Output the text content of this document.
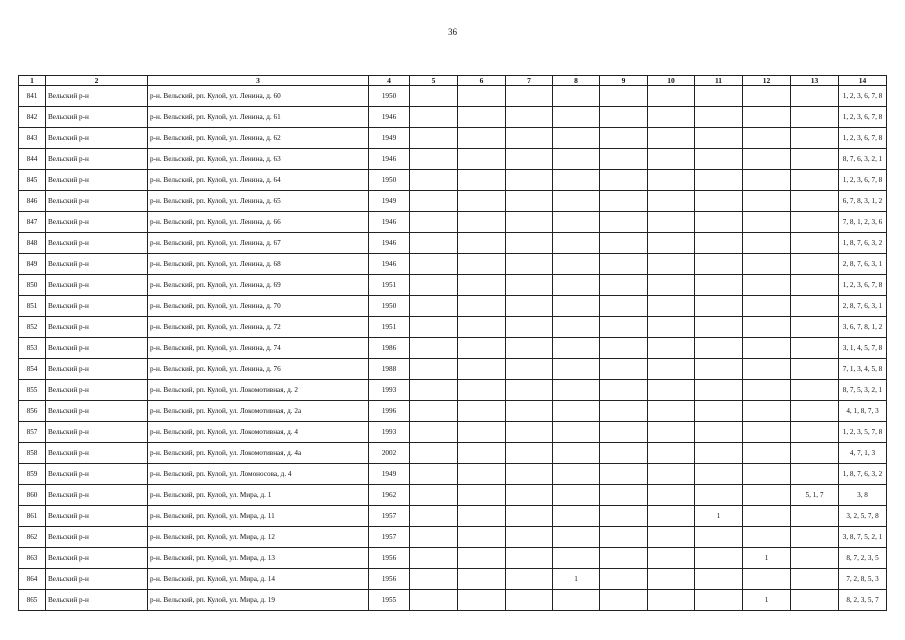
36
1	2	3	4	5	6	7	8	9	10	11	12	13	14
841	Вельский р-н	р-н. Вельский, рп. Кулой, ул. Ленина, д. 60	1950										1, 2, 3, 6, 7, 8
842	Вельский р-н	р-н. Вельский, рп. Кулой, ул. Ленина, д. 61	1946										1, 2, 3, 6, 7, 8
843	Вельский р-н	р-н. Вельский, рп. Кулой, ул. Ленина, д. 62	1949										1, 2, 3, 6, 7, 8
844	Вельский р-н	р-н. Вельский, рп. Кулой, ул. Ленина, д. 63	1946										8, 7, 6, 3, 2, 1
845	Вельский р-н	р-н. Вельский, рп. Кулой, ул. Ленина, д. 64	1950										1, 2, 3, 6, 7, 8
846	Вельский р-н	р-н. Вельский, рп. Кулой, ул. Ленина, д. 65	1949										6, 7, 8, 3, 1, 2
847	Вельский р-н	р-н. Вельский, рп. Кулой, ул. Ленина, д. 66	1946										7, 8, 1, 2, 3, 6
848	Вельский р-н	р-н. Вельский, рп. Кулой, ул. Ленина, д. 67	1946										1, 8, 7, 6, 3, 2
849	Вельский р-н	р-н. Вельский, рп. Кулой, ул. Ленина, д. 68	1946										2, 8, 7, 6, 3, 1
850	Вельский р-н	р-н. Вельский, рп. Кулой, ул. Ленина, д. 69	1951										1, 2, 3, 6, 7, 8
851	Вельский р-н	р-н. Вельский, рп. Кулой, ул. Ленина, д. 70	1950										2, 8, 7, 6, 3, 1
852	Вельский р-н	р-н. Вельский, рп. Кулой, ул. Ленина, д. 72	1951										3, 6, 7, 8, 1, 2
853	Вельский р-н	р-н. Вельский, рп. Кулой, ул. Ленина, д. 74	1986										3, 1, 4, 5, 7, 8
854	Вельский р-н	р-н. Вельский, рп. Кулой, ул. Ленина, д. 76	1988										7, 1, 3, 4, 5, 8
855	Вельский р-н	р-н. Вельский, рп. Кулой, ул. Локомотивная, д. 2	1993										8, 7, 5, 3, 2, 1
856	Вельский р-н	р-н. Вельский, рп. Кулой, ул. Локомотивная, д. 2а	1996										4, 1, 8, 7, 3
857	Вельский р-н	р-н. Вельский, рп. Кулой, ул. Локомотивная, д. 4	1993										1, 2, 3, 5, 7, 8
858	Вельский р-н	р-н. Вельский, рп. Кулой, ул. Локомотивная, д. 4а	2002										4, 7, 1, 3
859	Вельский р-н	р-н. Вельский, рп. Кулой, ул. Ломоносова, д. 4	1949										1, 8, 7, 6, 3, 2
860	Вельский р-н	р-н. Вельский, рп. Кулой, ул. Мира, д. 1	1962									5, 1, 7	3, 8
861	Вельский р-н	р-н. Вельский, рп. Кулой, ул. Мира, д. 11	1957							1			3, 2, 5, 7, 8
862	Вельский р-н	р-н. Вельский, рп. Кулой, ул. Мира, д. 12	1957										3, 8, 7, 5, 2, 1
863	Вельский р-н	р-н. Вельский, рп. Кулой, ул. Мира, д. 13	1956								1		8, 7, 2, 3, 5
864	Вельский р-н	р-н. Вельский, рп. Кулой, ул. Мира, д. 14	1956				1						7, 2, 8, 5, 3
865	Вельский р-н	р-н. Вельский, рп. Кулой, ул. Мира, д. 19	1955								1		8, 2, 3, 5, 7
